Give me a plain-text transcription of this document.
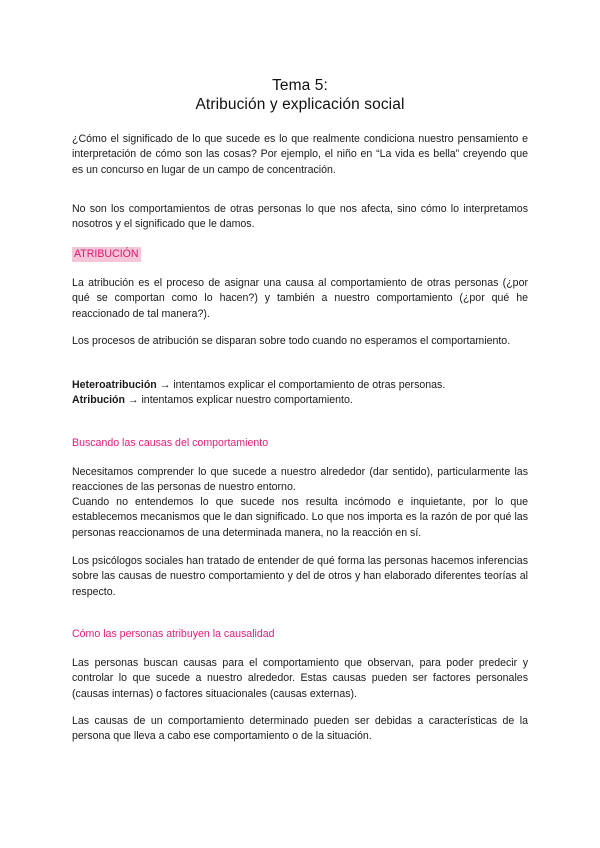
Tema 5:
Atribución y explicación social

¿Cómo el significado de lo que sucede es lo que realmente condiciona nuestro pensamiento e interpretación de cómo son las cosas? Por ejemplo, el niño en “La vida es bella” creyendo que es un concurso en lugar de un campo de concentración.

No son los comportamientos de otras personas lo que nos afecta, sino cómo lo interpretamos nosotros y el significado que le damos.

ATRIBUCIÓN

La atribución es el proceso de asignar una causa al comportamiento de otras personas (¿por qué se comportan como lo hacen?) y también a nuestro comportamiento (¿por qué he reaccionado de tal manera?).

Los procesos de atribución se disparan sobre todo cuando no esperamos el comportamiento.

Heteroatribución → intentamos explicar el comportamiento de otras personas.
Atribución → intentamos explicar nuestro comportamiento.
Buscando las causas del comportamiento

Necesitamos comprender lo que sucede a nuestro alrededor (dar sentido), particularmente las reacciones de las personas de nuestro entorno.

Cuando no entendemos lo que sucede nos resulta incómodo e inquietante, por lo que establecemos mecanismos que le dan significado. Lo que nos importa es la razón de por qué las personas reaccionamos de una determinada manera, no la reacción en sí.

Los psicólogos sociales han tratado de entender de qué forma las personas hacemos inferencias sobre las causas de nuestro comportamiento y del de otros y han elaborado diferentes teorías al respecto.

Cómo las personas atribuyen la causalidad

Las personas buscan causas para el comportamiento que observan, para poder predecir y controlar lo que sucede a nuestro alrededor. Estas causas pueden ser factores personales (causas internas) o factores situacionales (causas externas).

Las causas de un comportamiento determinado pueden ser debidas a características de la persona que lleva a cabo ese comportamiento o de la situación.
